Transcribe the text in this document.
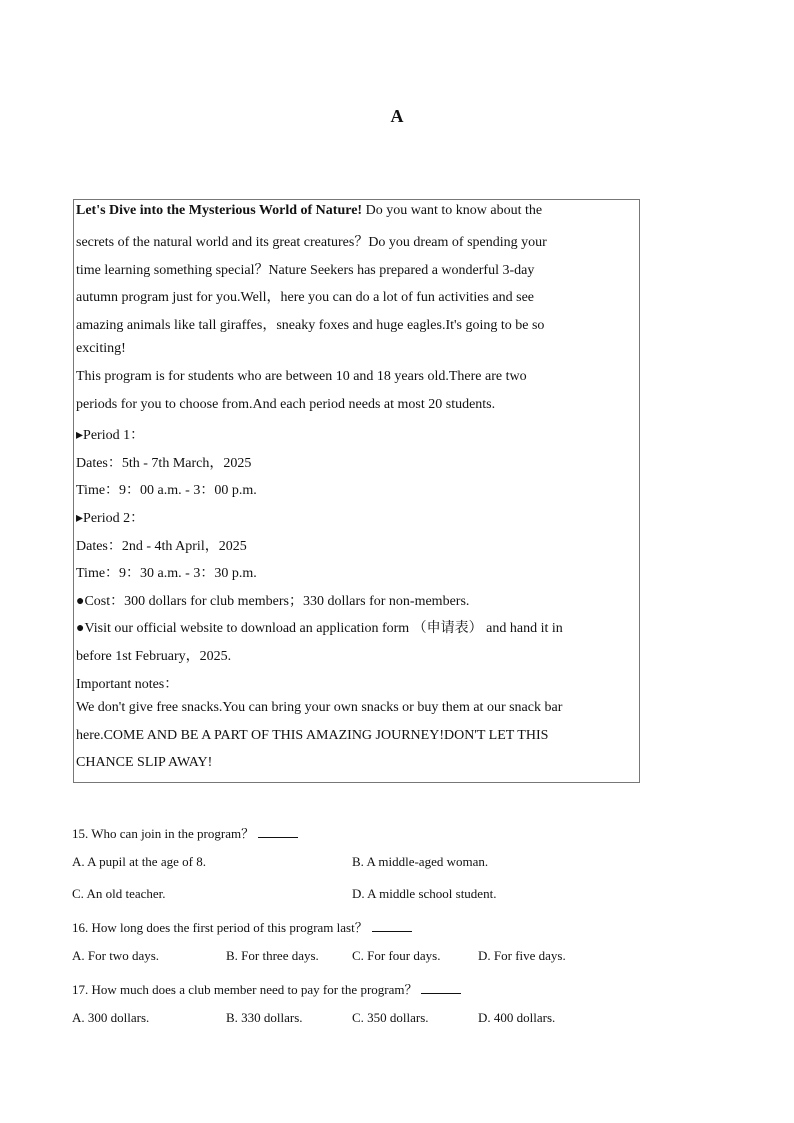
A
Let's Dive into the Mysterious World of Nature! Do you want to know about the
secrets of the natural world and its great creatures？Do you dream of spending your
time learning something special？Nature Seekers has prepared a wonderful 3-day
autumn program just for you.Well，here you can do a lot of fun activities and see
amazing animals like tall giraffes，sneaky foxes and huge eagles.It's going to be so
exciting!
This program is for students who are between 10 and 18 years old.There are two
periods for you to choose from.And each period needs at most 20 students.
▸Period 1：
Dates：5th - 7th March，2025
Time：9：00 a.m. - 3：00 p.m.
▸Period 2：
Dates：2nd - 4th April，2025
Time：9：30 a.m. - 3：30 p.m.
●Cost：300 dollars for club members；330 dollars for non-members.
●Visit our official website to download an application form （申请表） and hand it in
before 1st February，2025.
Important notes：
We don't give free snacks.You can bring your own snacks or buy them at our snack bar
here.COME AND BE A PART OF THIS AMAZING JOURNEY!DON'T LET THIS
CHANCE SLIP AWAY!
15. Who can join in the program？
A. A pupil at the age of 8.	B. A middle-aged woman.
C. An old teacher.	D. A middle school student.
16. How long does the first period of this program last？
A. For two days.	B. For three days.	C. For four days.	D. For five days.
17. How much does a club member need to pay for the program？
A. 300 dollars.	B. 330 dollars.	C. 350 dollars.	D. 400 dollars.
